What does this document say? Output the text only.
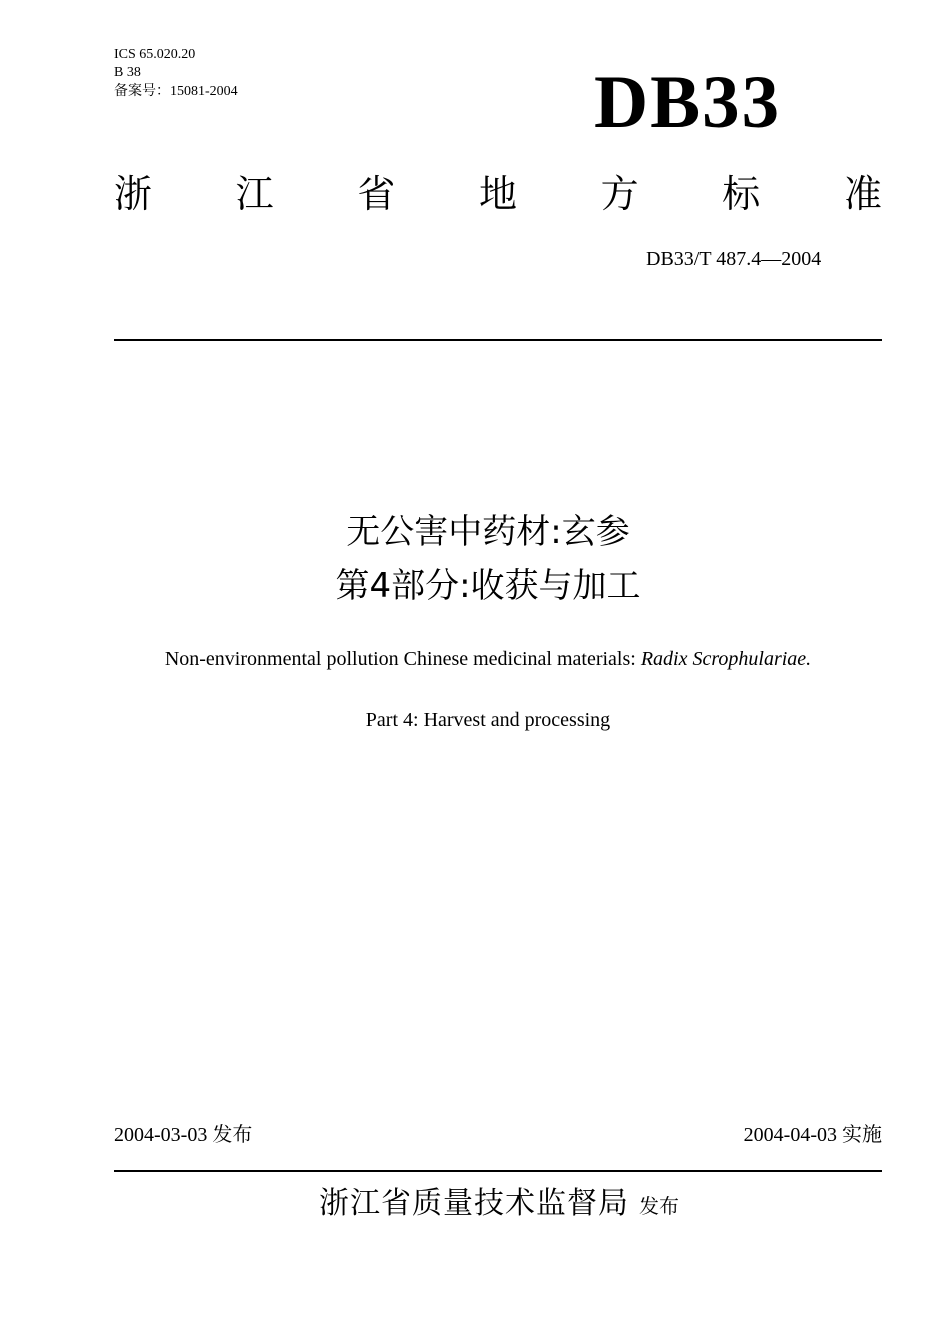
ICS 65.020.20
B 38
备案号：15081-2004	DB33
浙 江 省 地 方 标 准
DB33/T 487.4—2004
无公害中药材:玄参
第4部分:收获与加工
Non-environmental pollution Chinese medicinal materials: Radix Scrophulariae.
Part 4: Harvest and processing
2004-03-03 发布	2004-04-03 实施
浙江省质量技术监督局 发布
